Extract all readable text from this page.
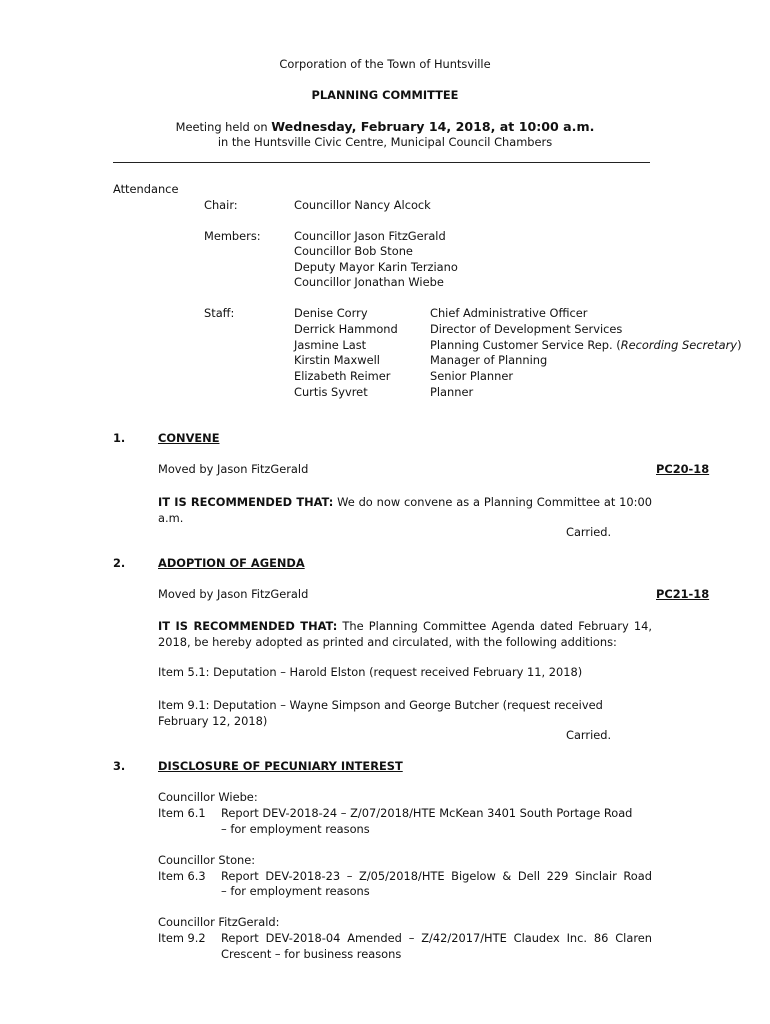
Corporation of the Town of Huntsville
PLANNING COMMITTEE
Meeting held on Wednesday, February 14, 2018, at 10:00 a.m.
in the Huntsville Civic Centre, Municipal Council Chambers
Attendance
Chair:	Councillor Nancy Alcock
Members:	Councillor Jason FitzGerald
Councillor Bob Stone
Deputy Mayor Karin Terziano
Councillor Jonathan Wiebe
Staff:	Denise Corry	Chief Administrative Officer
Derrick Hammond	Director of Development Services
Jasmine Last	Planning Customer Service Rep. (Recording Secretary)
Kirstin Maxwell	Manager of Planning
Elizabeth Reimer	Senior Planner
Curtis Syvret	Planner
1.	CONVENE
Moved by Jason FitzGerald	PC20-18
IT IS RECOMMENDED THAT: We do now convene as a Planning Committee at 10:00 a.m.
Carried.
2.	ADOPTION OF AGENDA
Moved by Jason FitzGerald	PC21-18
IT IS RECOMMENDED THAT: The Planning Committee Agenda dated February 14, 2018, be hereby adopted as printed and circulated, with the following additions:
Item 5.1: Deputation – Harold Elston (request received February 11, 2018)
Item 9.1: Deputation – Wayne Simpson and George Butcher (request received February 12, 2018)
Carried.
3.	DISCLOSURE OF PECUNIARY INTEREST
Councillor Wiebe:
Item 6.1 Report DEV-2018-24 – Z/07/2018/HTE McKean 3401 South Portage Road
– for employment reasons
Councillor Stone:
Item 6.3 Report DEV-2018-23 – Z/05/2018/HTE Bigelow & Dell 229 Sinclair Road
– for employment reasons
Councillor FitzGerald:
Item 9.2 Report DEV-2018-04 Amended – Z/42/2017/HTE Claudex Inc. 86 Claren
Crescent – for business reasons
